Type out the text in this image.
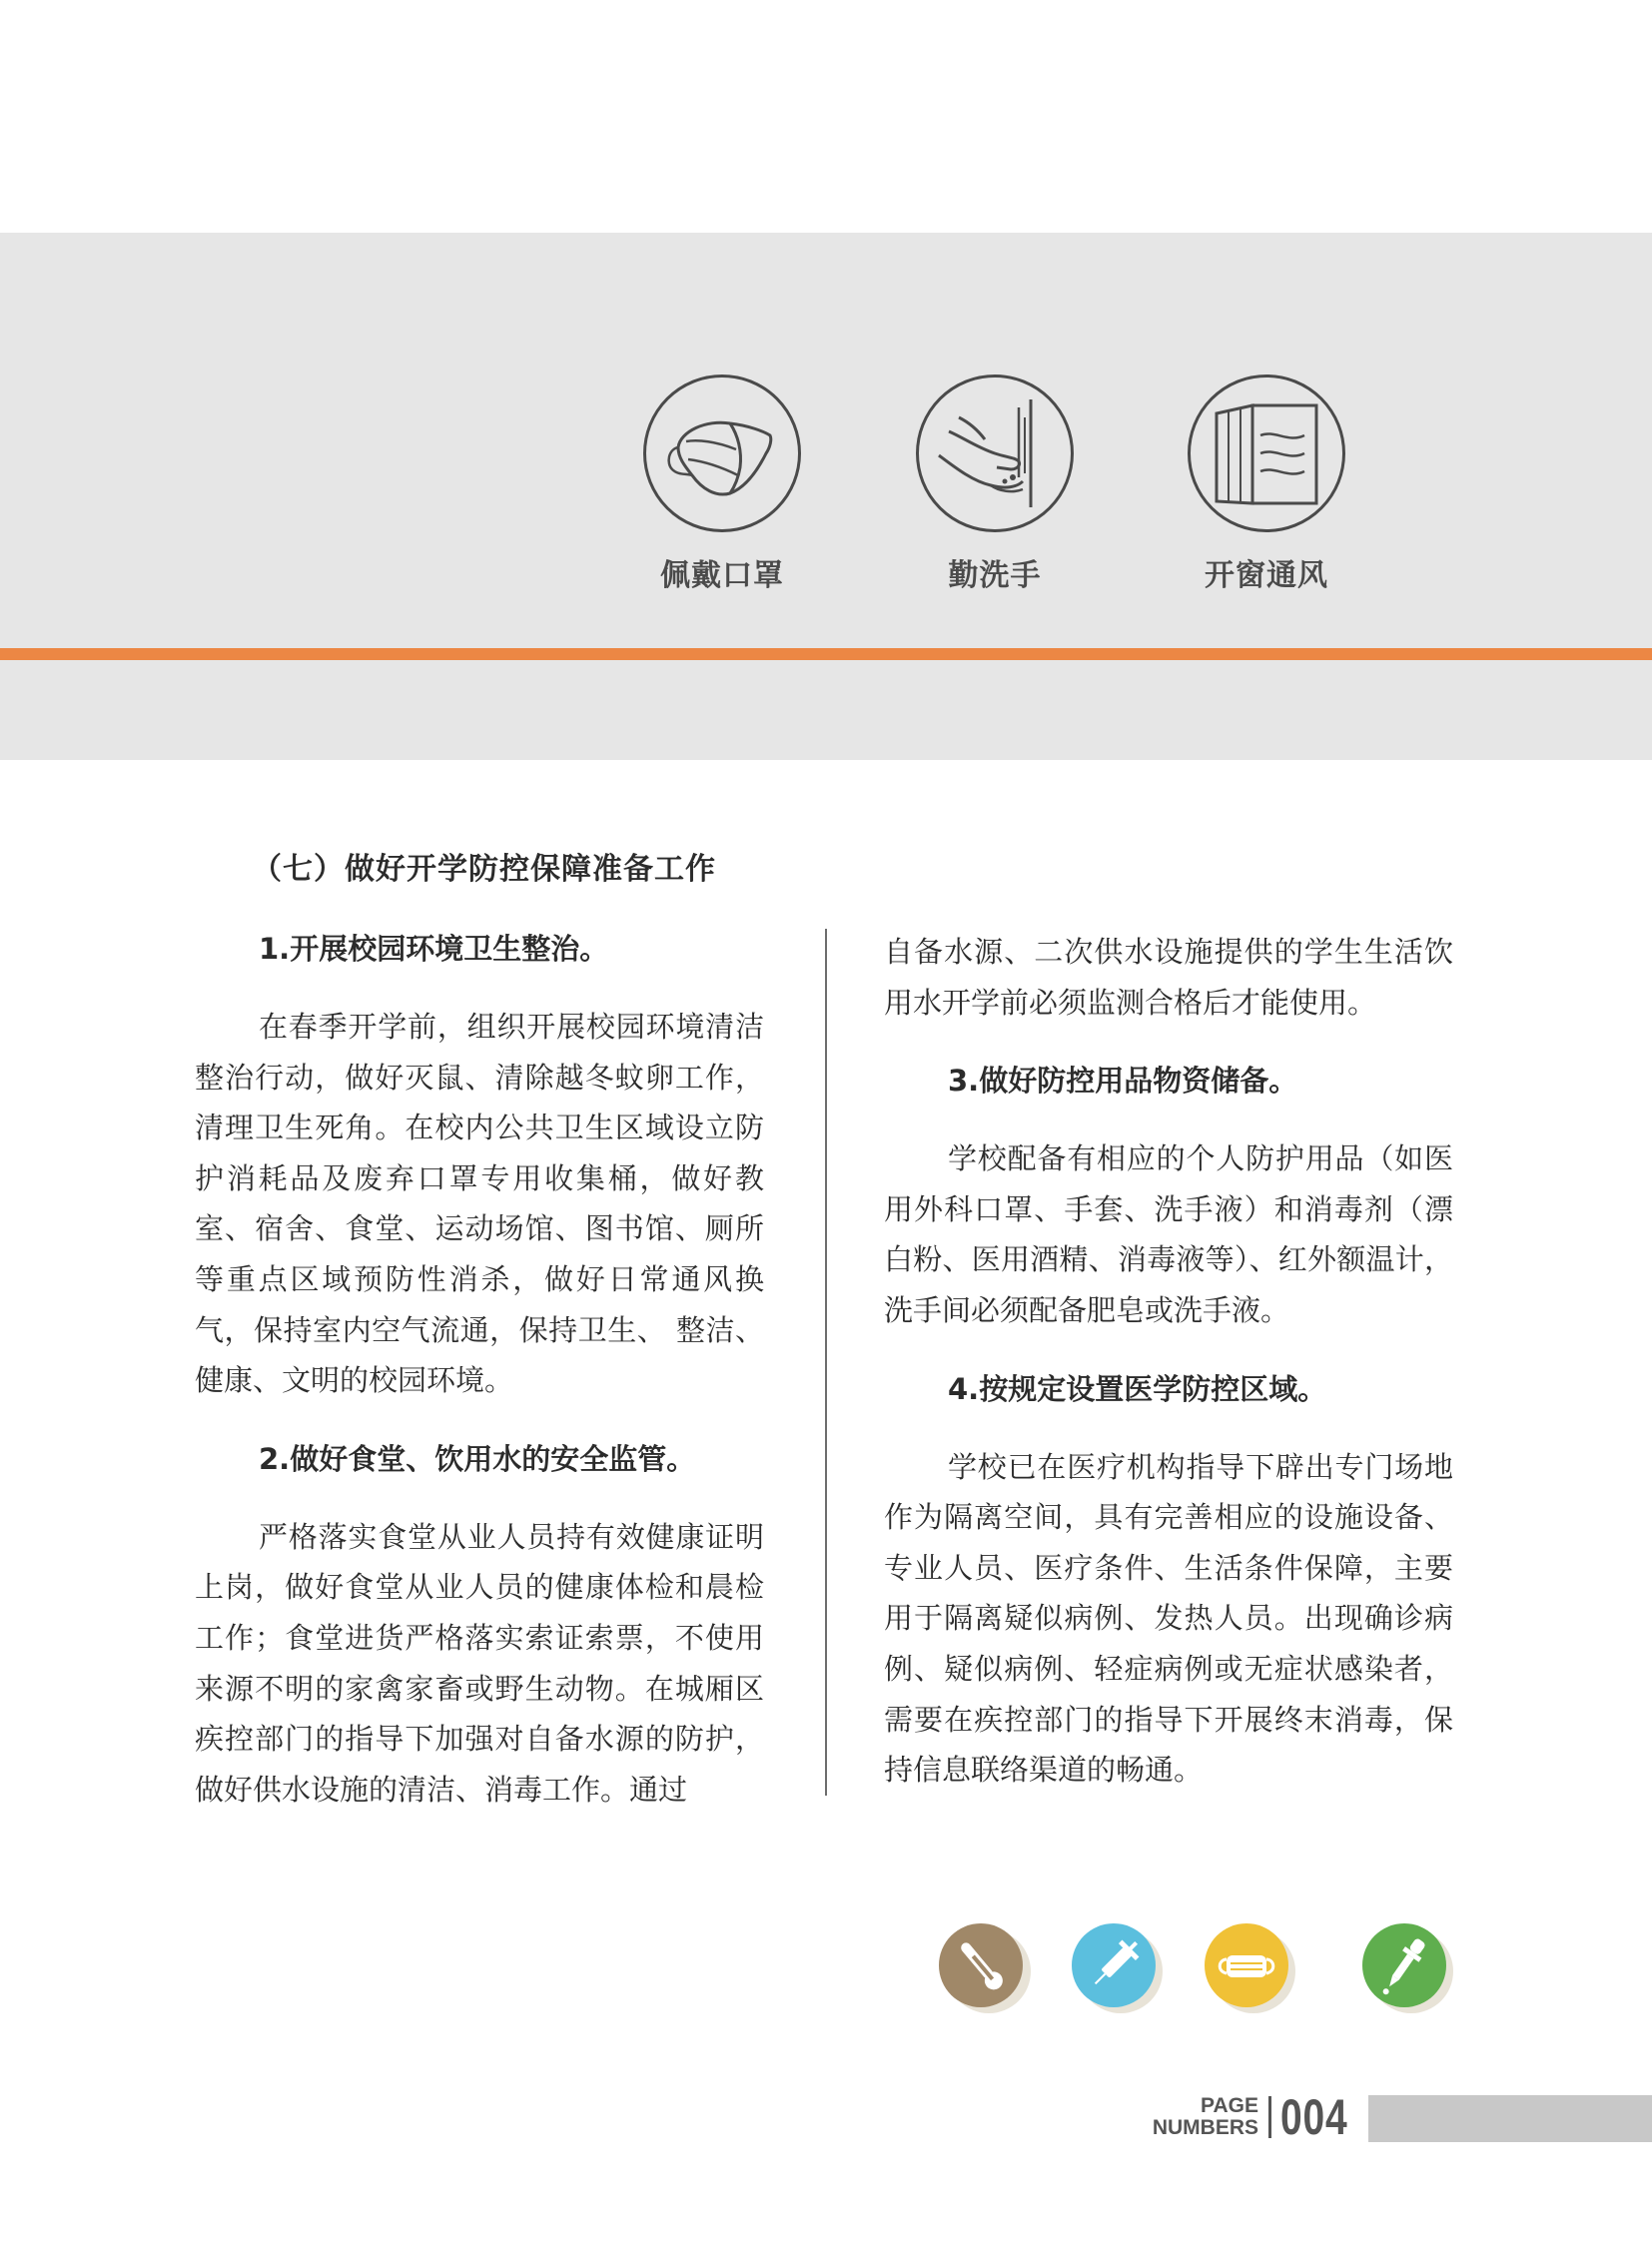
佩戴口罩	勤洗手	开窗通风
（七）做好开学防控保障准备工作
1.开展校园环境卫生整治。

在春季开学前，组织开展校园环境清洁整治行动，做好灭鼠、清除越冬蚊卵工作，清理卫生死角。在校内公共卫生区域设立防护消耗品及废弃口罩专用收集桶，做好教室、宿舍、食堂、运动场馆、图书馆、厕所等重点区域预防性消杀，做好日常通风换气，保持室内空气流通，保持卫生、 整洁、健康、文明的校园环境。

2.做好食堂、饮用水的安全监管。

严格落实食堂从业人员持有效健康证明上岗，做好食堂从业人员的健康体检和晨检工作；食堂进货严格落实索证索票，不使用来源不明的家禽家畜或野生动物。在城厢区疾控部门的指导下加强对自备水源的防护， 做好供水设施的清洁、消毒工作。通过

自备水源、二次供水设施提供的学生生活饮用水开学前必须监测合格后才能使用。

3.做好防控用品物资储备。

学校配备有相应的个人防护用品（如医用外科口罩、手套、洗手液）和消毒剂（漂白粉、医用酒精、消毒液等）、红外额温计，洗手间必须配备肥皂或洗手液。

4.按规定设置医学防控区域。

学校已在医疗机构指导下辟出专门场地作为隔离空间，具有完善相应的设施设备、专业人员、医疗条件、生活条件保障，主要用于隔离疑似病例、发热人员。出现确诊病例、疑似病例、轻症病例或无症状感染者，需要在疾控部门的指导下开展终末消毒，保持信息联络渠道的畅通。

PAGE
NUMBERS 004
